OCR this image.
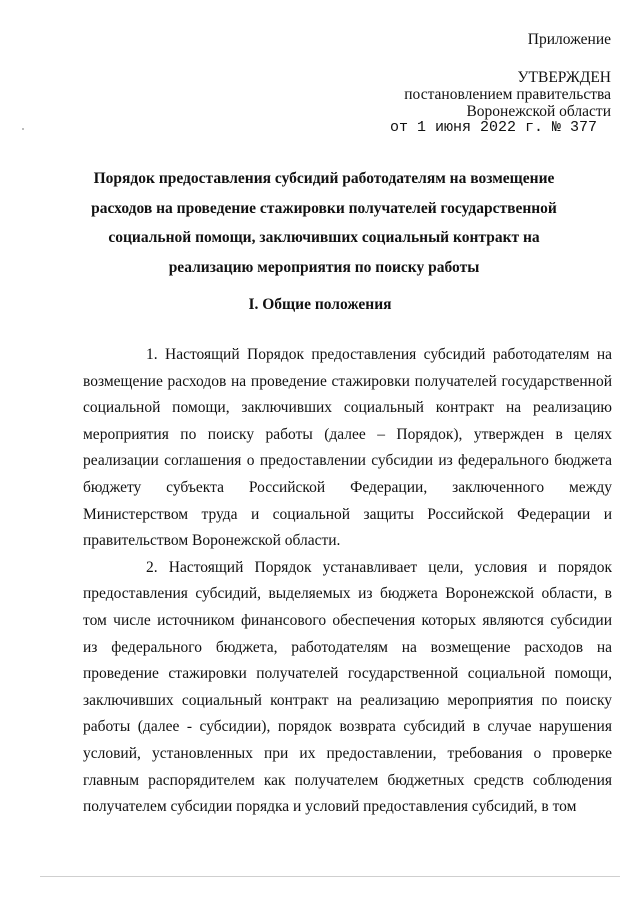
Приложение
УТВЕРЖДЕН
постановлением правительства
Воронежской области
от 1 июня 2022 г. № 377
Порядок предоставления субсидий работодателям на возмещение расходов на проведение стажировки получателей государственной социальной помощи, заключивших социальный контракт на реализацию мероприятия по поиску работы
I. Общие положения

1. Настоящий Порядок предоставления субсидий работодателям на возмещение расходов на проведение стажировки получателей государственной социальной помощи, заключивших социальный контракт на реализацию мероприятия по поиску работы (далее – Порядок), утвержден в целях реализации соглашения о предоставлении субсидии из федерального бюджета бюджету субъекта Российской Федерации, заключенного между Министерством труда и социальной защиты Российской Федерации и правительством Воронежской области.

2. Настоящий Порядок устанавливает цели, условия и порядок предоставления субсидий, выделяемых из бюджета Воронежской области, в том числе источником финансового обеспечения которых являются субсидии из федерального бюджета, работодателям на возмещение расходов на проведение стажировки получателей государственной социальной помощи, заключивших социальный контракт на реализацию мероприятия по поиску работы (далее - субсидии), порядок возврата субсидий в случае нарушения условий, установленных при их предоставлении, требования о проверке главным распорядителем как получателем бюджетных средств соблюдения получателем субсидии порядка и условий предоставления субсидий, в том
